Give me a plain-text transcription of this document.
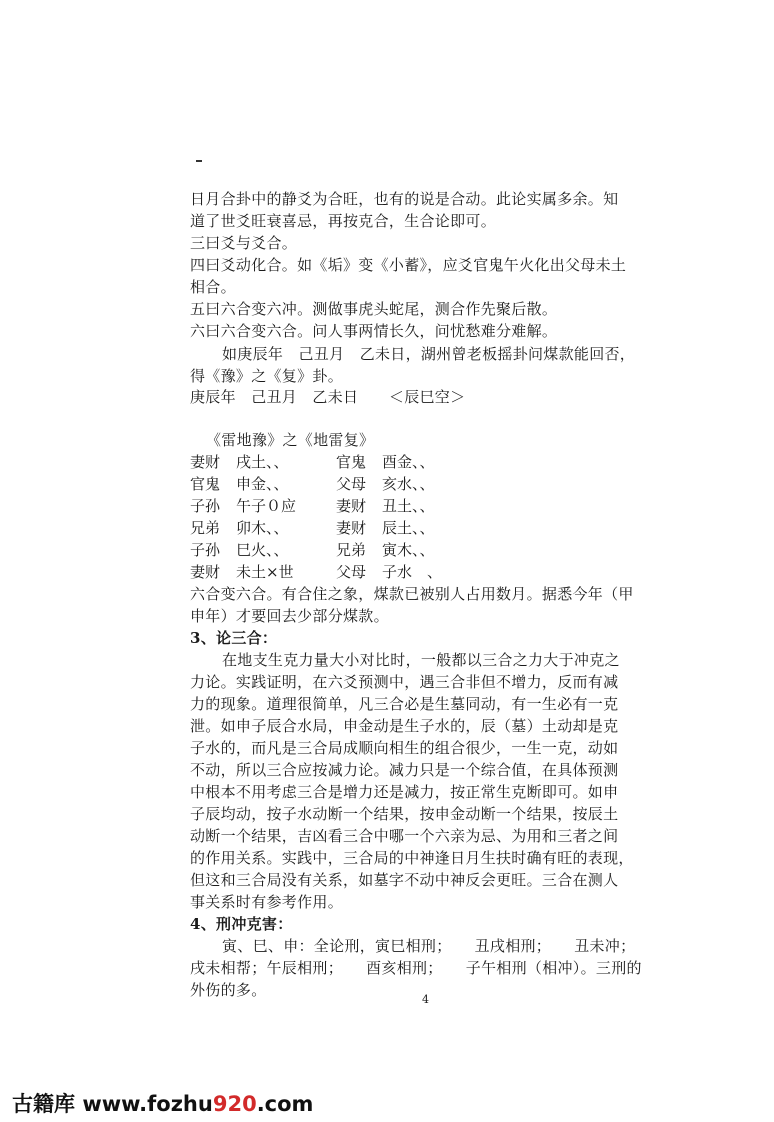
日月合卦中的静爻为合旺，也有的说是合动。此论实属多余。知
道了世爻旺衰喜忌，再按克合，生合论即可。
三曰爻与爻合。
四曰爻动化合。如《垢》变《小蓄》，应爻官鬼午火化出父母未土
相合。
五曰六合变六冲。测做事虎头蛇尾，测合作先聚后散。
六曰六合变六合。问人事两情长久，问忧愁难分难解。
如庚辰年　己丑月　乙未日，湖州曾老板摇卦问煤款能回否，
得《豫》之《复》卦。
庚辰年　己丑月　乙未日　　＜辰巳空＞
《雷地豫》之《地雷复》
妻财 戌土、、	官鬼 酉金、、
官鬼 申金、、	父母 亥水、、
子孙 午子０应	妻财 丑土、、
兄弟 卯木、、	妻财 辰土、、
子孙 巳火、、	兄弟 寅木、、
妻财 未土×世	父母 子水　、
六合变六合。有合住之象，煤款已被别人占用数月。据悉今年（甲
申年）才要回去少部分煤款。
3、论三合：
在地支生克力量大小对比时，一般都以三合之力大于冲克之
力论。实践证明，在六爻预测中，遇三合非但不增力，反而有减
力的现象。道理很简单，凡三合必是生墓同动，有一生必有一克
泄。如申子辰合水局，申金动是生子水的，辰（墓）土动却是克
子水的，而凡是三合局成顺向相生的组合很少，一生一克，动如
不动，所以三合应按减力论。减力只是一个综合值，在具体预测
中根本不用考虑三合是增力还是减力，按正常生克断即可。如申
子辰均动，按子水动断一个结果，按申金动断一个结果，按辰土
动断一个结果，吉凶看三合中哪一个六亲为忌、为用和三者之间
的作用关系。实践中，三合局的中神逢日月生扶时确有旺的表现，
但这和三合局没有关系，如墓字不动中神反会更旺。三合在测人
事关系时有参考作用。
4、刑冲克害：
寅、巳、申：全论刑，寅巳相刑；　　丑戌相刑；　　丑未冲；
戌未相帮；午辰相刑；　　酉亥相刑；　　子午相刑（相冲）。三刑的
外伤的多。
4
古籍库 www.fozhu920.com
